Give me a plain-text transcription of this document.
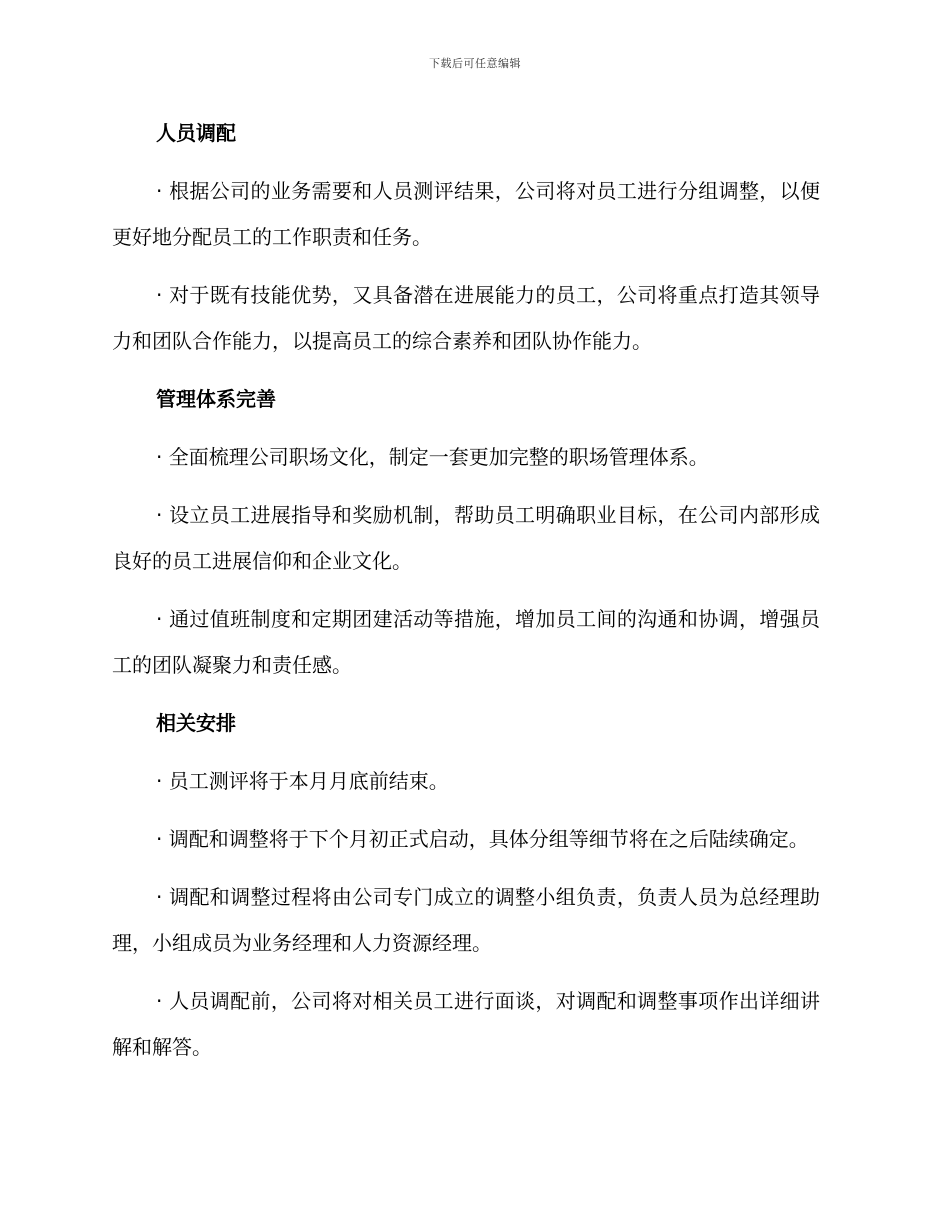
下载后可任意编辑
人员调配

· 根据公司的业务需要和人员测评结果，公司将对员工进行分组调整，以便更好地分配员工的工作职责和任务。

· 对于既有技能优势，又具备潜在进展能力的员工，公司将重点打造其领导力和团队合作能力，以提高员工的综合素养和团队协作能力。

管理体系完善

· 全面梳理公司职场文化，制定一套更加完整的职场管理体系。

· 设立员工进展指导和奖励机制，帮助员工明确职业目标，在公司内部形成良好的员工进展信仰和企业文化。

· 通过值班制度和定期团建活动等措施，增加员工间的沟通和协调，增强员工的团队凝聚力和责任感。

相关安排

· 员工测评将于本月月底前结束。

· 调配和调整将于下个月初正式启动，具体分组等细节将在之后陆续确定。

· 调配和调整过程将由公司专门成立的调整小组负责，负责人员为总经理助理，小组成员为业务经理和人力资源经理。

· 人员调配前，公司将对相关员工进行面谈，对调配和调整事项作出详细讲解和解答。
